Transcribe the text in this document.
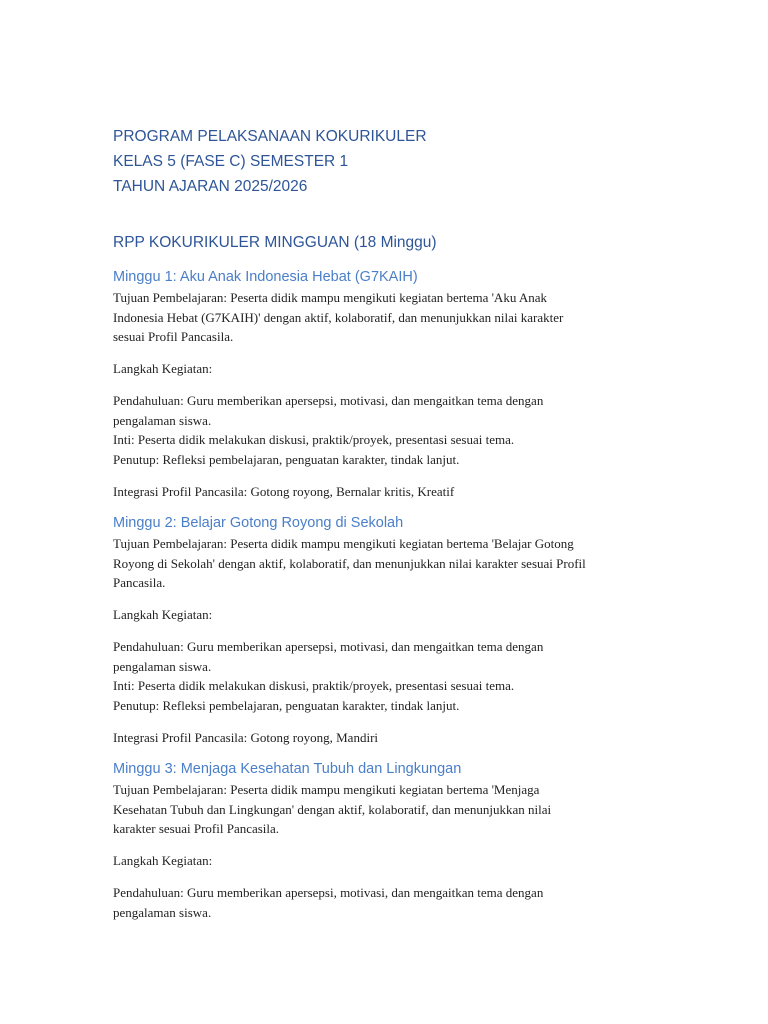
PROGRAM PELAKSANAAN KOKURIKULER

KELAS 5 (FASE C) SEMESTER 1

TAHUN AJARAN 2025/2026

RPP KOKURIKULER MINGGUAN (18 Minggu)
Minggu 1: Aku Anak Indonesia Hebat (G7KAIH)

Tujuan Pembelajaran: Peserta didik mampu mengikuti kegiatan bertema 'Aku Anak

Indonesia Hebat (G7KAIH)' dengan aktif, kolaboratif, dan menunjukkan nilai karakter

sesuai Profil Pancasila.

Langkah Kegiatan:

Pendahuluan: Guru memberikan apersepsi, motivasi, dan mengaitkan tema dengan

pengalaman siswa.

Inti: Peserta didik melakukan diskusi, praktik/proyek, presentasi sesuai tema.

Penutup: Refleksi pembelajaran, penguatan karakter, tindak lanjut.

Integrasi Profil Pancasila: Gotong royong, Bernalar kritis, Kreatif

Minggu 2: Belajar Gotong Royong di Sekolah

Tujuan Pembelajaran: Peserta didik mampu mengikuti kegiatan bertema 'Belajar Gotong

Royong di Sekolah' dengan aktif, kolaboratif, dan menunjukkan nilai karakter sesuai Profil

Pancasila.

Langkah Kegiatan:

Pendahuluan: Guru memberikan apersepsi, motivasi, dan mengaitkan tema dengan

pengalaman siswa.

Inti: Peserta didik melakukan diskusi, praktik/proyek, presentasi sesuai tema.

Penutup: Refleksi pembelajaran, penguatan karakter, tindak lanjut.

Integrasi Profil Pancasila: Gotong royong, Mandiri

Minggu 3: Menjaga Kesehatan Tubuh dan Lingkungan

Tujuan Pembelajaran: Peserta didik mampu mengikuti kegiatan bertema 'Menjaga

Kesehatan Tubuh dan Lingkungan' dengan aktif, kolaboratif, dan menunjukkan nilai

karakter sesuai Profil Pancasila.

Langkah Kegiatan:

Pendahuluan: Guru memberikan apersepsi, motivasi, dan mengaitkan tema dengan

pengalaman siswa.
